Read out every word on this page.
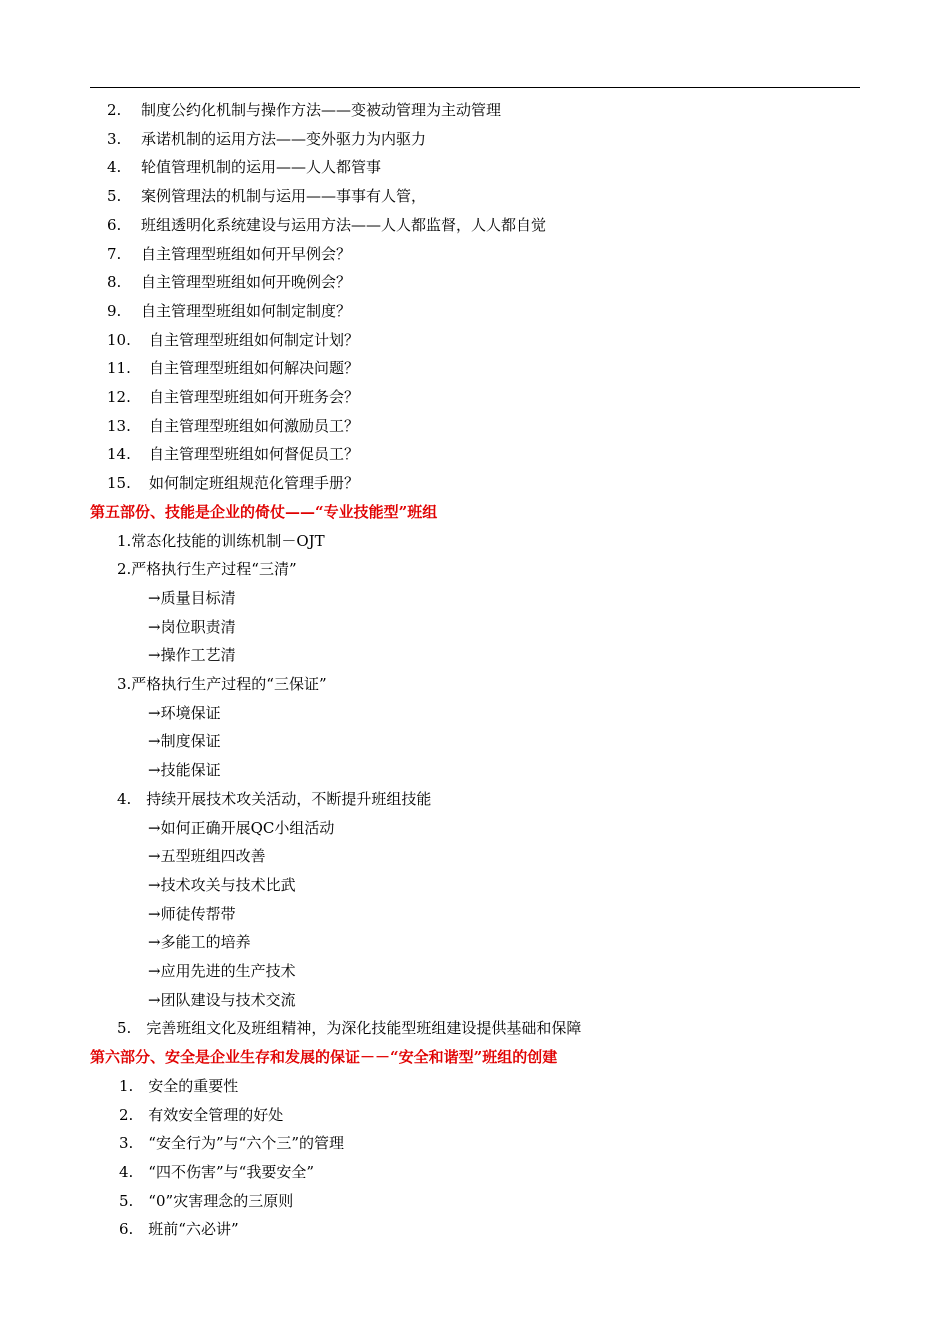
2. 制度公约化机制与操作方法——变被动管理为主动管理
3. 承诺机制的运用方法——变外驱力为内驱力
4. 轮值管理机制的运用——人人都管事
5. 案例管理法的机制与运用——事事有人管，
6. 班组透明化系统建设与运用方法——人人都监督，人人都自觉
7. 自主管理型班组如何开早例会？
8. 自主管理型班组如何开晚例会？
9. 自主管理型班组如何制定制度？
10. 自主管理型班组如何制定计划？
11. 自主管理型班组如何解决问题？
12. 自主管理型班组如何开班务会？
13. 自主管理型班组如何激励员工？
14. 自主管理型班组如何督促员工？
15. 如何制定班组规范化管理手册？
第五部份、技能是企业的倚仗——“专业技能型”班组
1.常态化技能的训练机制－OJT
2.严格执行生产过程“三清”
→质量目标清
→岗位职责清
→操作工艺清
3.严格执行生产过程的“三保证”
→环境保证
→制度保证
→技能保证
4.　持续开展技术攻关活动，不断提升班组技能
→如何正确开展QC小组活动
→五型班组四改善
→技术攻关与技术比武
→师徒传帮带
→多能工的培养
→应用先进的生产技术
→团队建设与技术交流
5.　完善班组文化及班组精神，为深化技能型班组建设提供基础和保障
第六部分、安全是企业生存和发展的保证－－“安全和谐型”班组的创建
1.　安全的重要性
2.　有效安全管理的好处
3.　“安全行为”与“六个三”的管理
4.　“四不伤害”与“我要安全”
5.　“0”灾害理念的三原则
6.　班前“六必讲”
